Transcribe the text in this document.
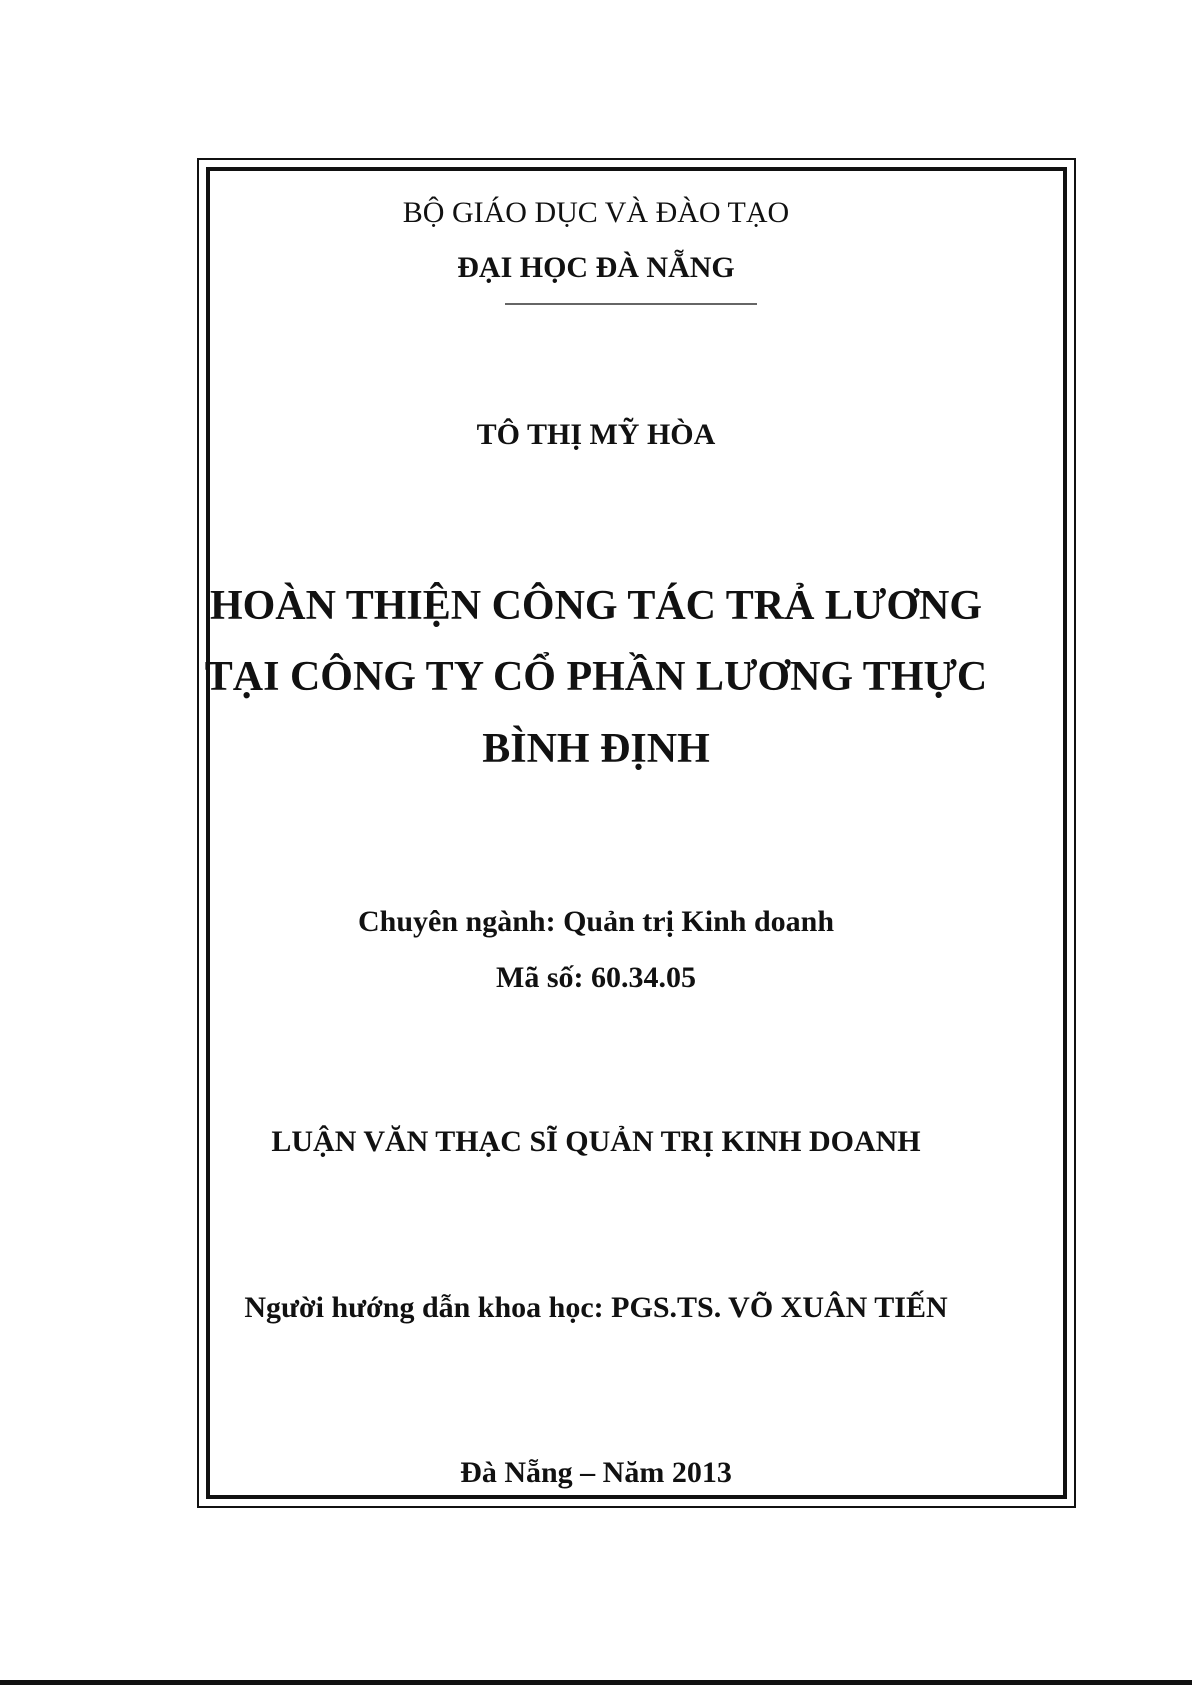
BỘ GIÁO DỤC VÀ ĐÀO TẠO
ĐẠI HỌC ĐÀ NẴNG
TÔ THỊ MỸ HÒA
HOÀN THIỆN CÔNG TÁC TRẢ LƯƠNG
TẠI CÔNG TY CỔ PHẦN LƯƠNG THỰC
BÌNH ĐỊNH
Chuyên ngành: Quản trị Kinh doanh
Mã số: 60.34.05
LUẬN VĂN THẠC SĨ QUẢN TRỊ KINH DOANH
Người hướng dẫn khoa học: PGS.TS. VÕ XUÂN TIẾN
Đà Nẵng – Năm 2013
